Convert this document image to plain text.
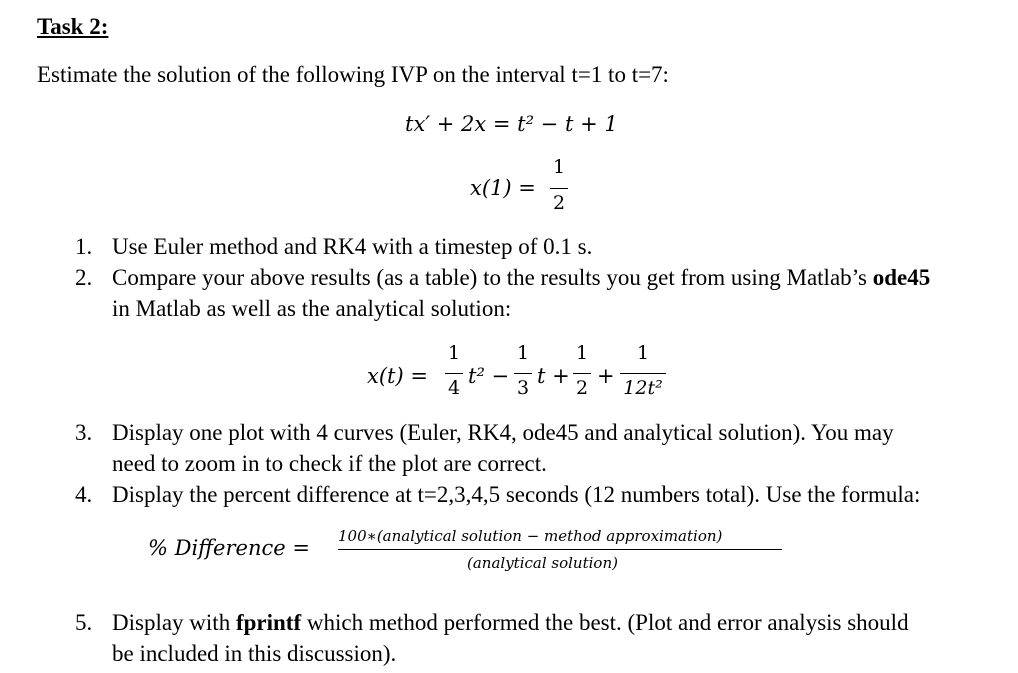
Task 2:
Estimate the solution of the following IVP on the interval t=1 to t=7:
tx′ + 2x = t² − t + 1
x(1) =
1
2
1. Use Euler method and RK4 with a timestep of 0.1 s.
2. Compare your above results (as a table) to the results you get from using Matlab’s ode45
in Matlab as well as the analytical solution:
x(t) =
1
4 t² −
1
3 t +
1
2 +
1
12t²
3. Display one plot with 4 curves (Euler, RK4, ode45 and analytical solution). You may
need to zoom in to check if the plot are correct.
4. Display the percent difference at t=2,3,4,5 seconds (12 numbers total). Use the formula:
% Difference = 100∗(analytical solution − method approximation)
(analytical solution)
5. Display with fprintf which method performed the best. (Plot and error analysis should
be included in this discussion).
